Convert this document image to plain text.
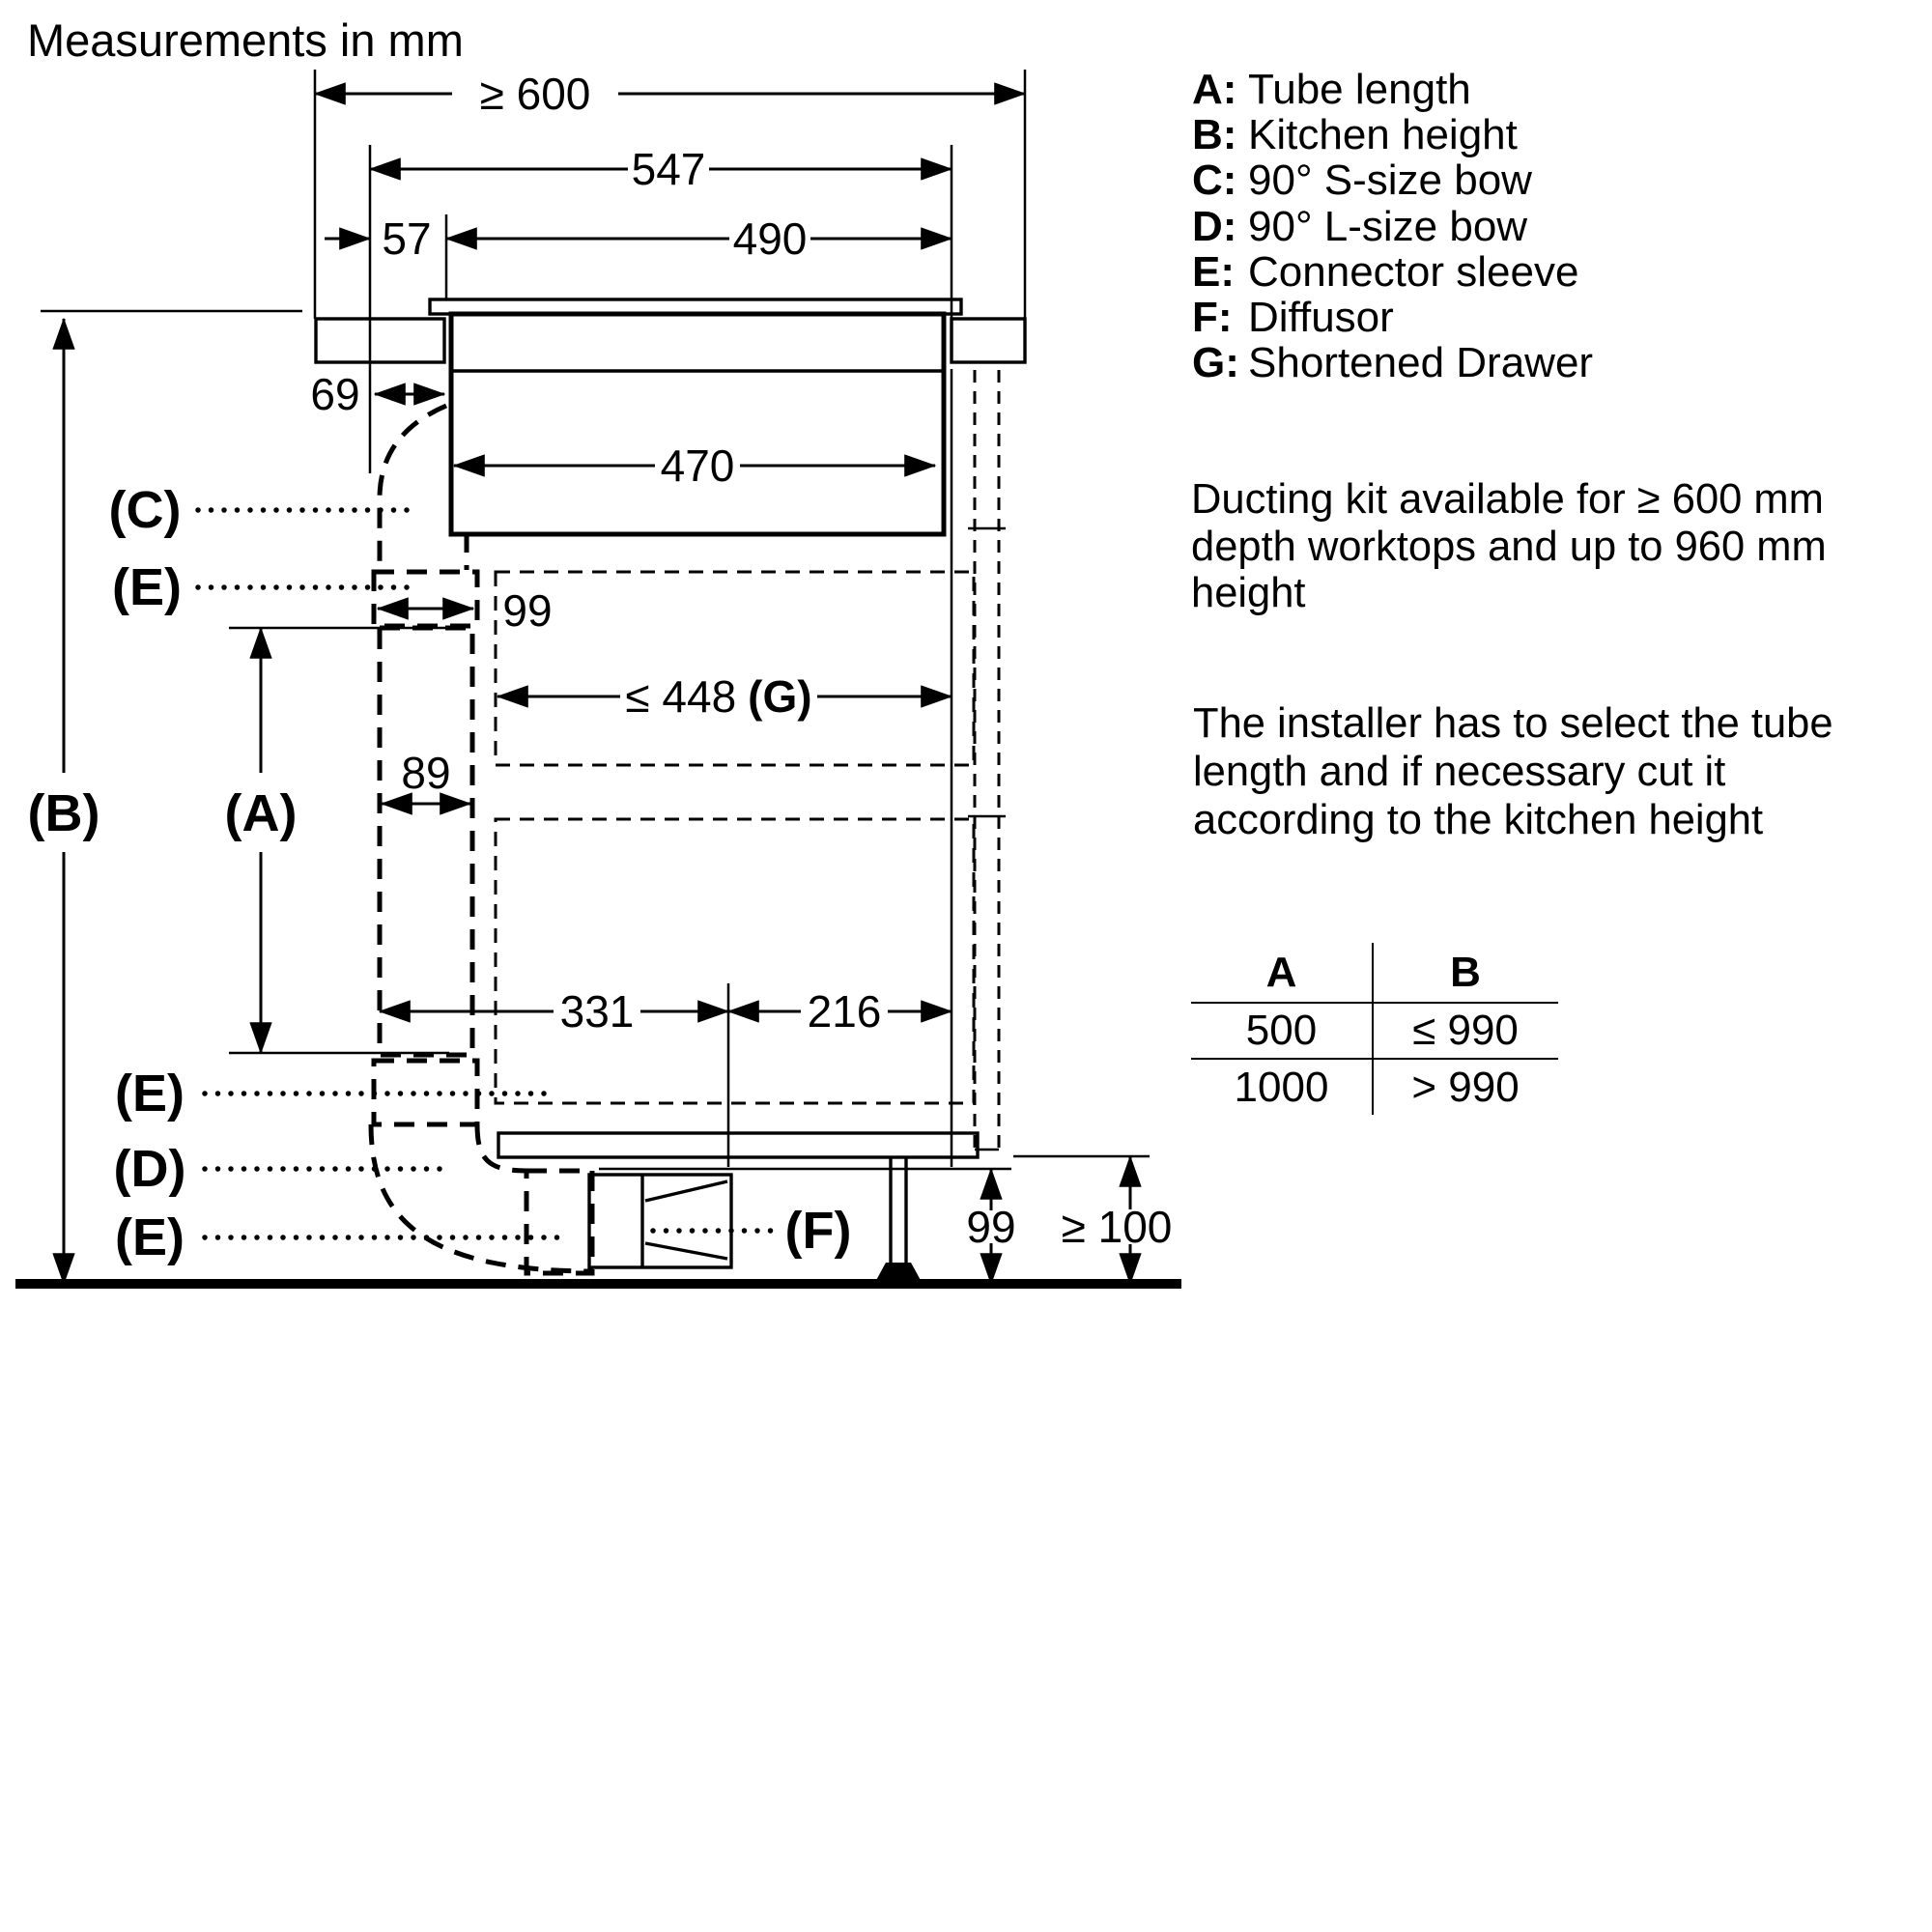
≥ 600
547
57	490
69
470
99
89
≤ 448 (G)
331	216
(B) (A)
99 ≥ 100
(C)
(E)
(E)
(D)
(E)	(F)
Measurements in mm
A: Tube length
B: Kitchen height
C: 90° S-size bow
D: 90° L-size bow
E: Connector sleeve
F: Diffusor
G: Shortened Drawer
Ducting kit available for ≥ 600 mm
depth worktops and up to 960 mm
height
The installer has to select the tube
length and if necessary cut it
according to the kitchen height
A	B
500	≤ 990
1000	> 990
